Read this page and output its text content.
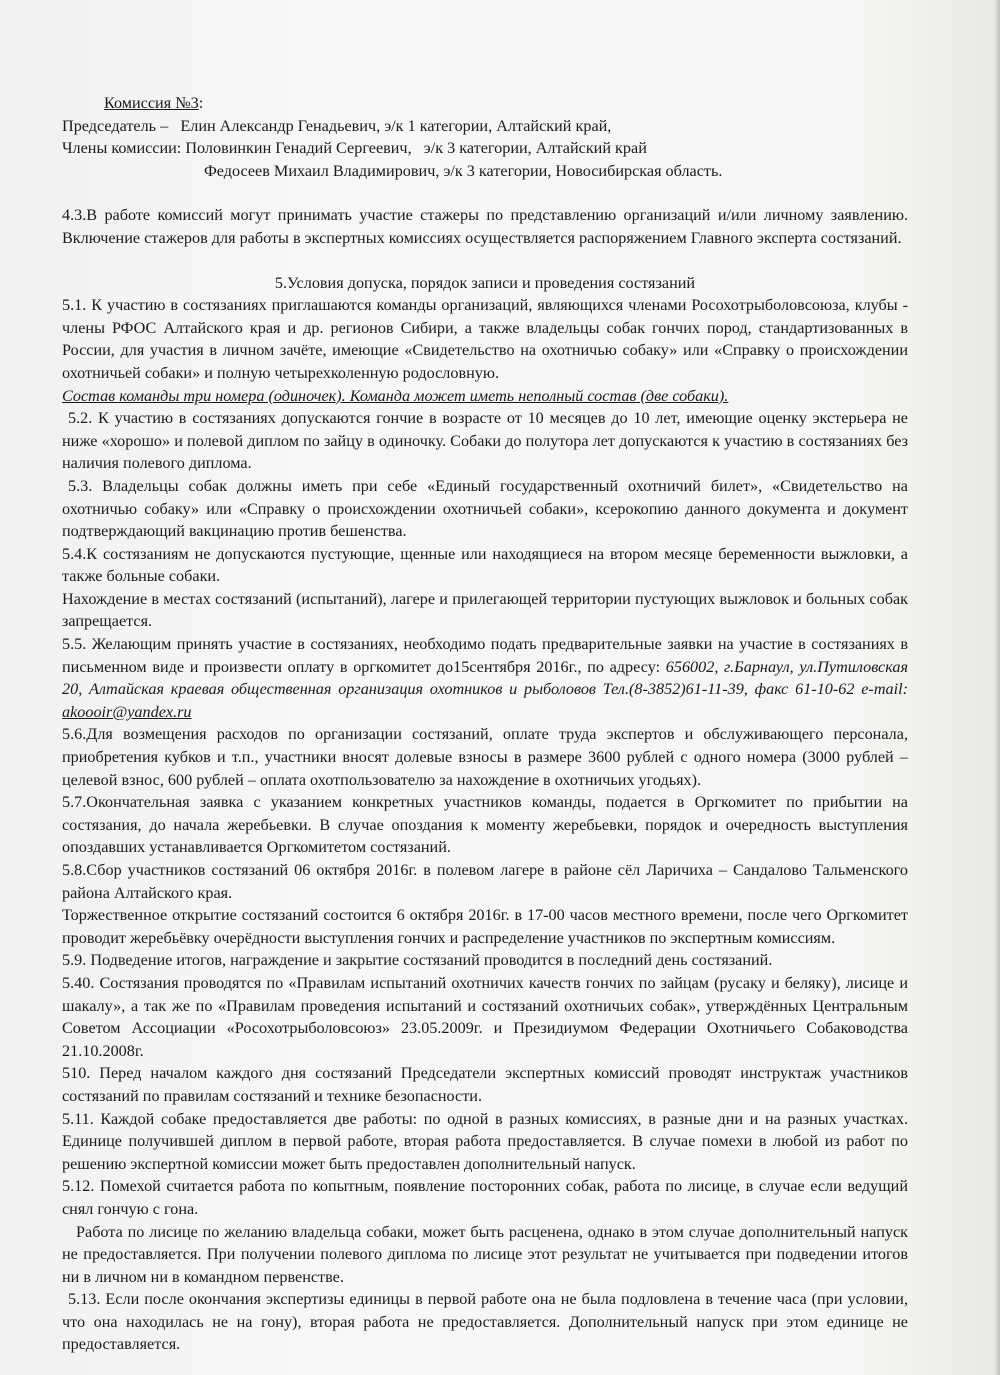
Комиссия №3:

Председатель –   Елин Александр Генадьевич, э/к 1 категории, Алтайский край,

Члены комиссии: Половинкин Генадий Сергеевич,   э/к 3 категории, Алтайский край

Федосеев Михаил Владимирович, э/к 3 категории, Новосибирская область.

4.3.В работе комиссий могут принимать участие стажеры по представлению организаций и/или личному заявлению. Включение стажеров для работы в экспертных комиссиях осуществляется распоряжением Главного эксперта состязаний.

5.Условия допуска, порядок записи и проведения состязаний

5.1. К участию в состязаниях приглашаются команды организаций, являющихся членами Росохотрыболовсоюза, клубы - члены РФОС Алтайского края и др. регионов Сибири, а также владельцы собак гончих пород, стандартизованных в России, для участия в личном зачёте, имеющие «Свидетельство на охотничью собаку» или «Справку о происхождении охотничьей собаки» и полную четырехколенную родословную.

Состав команды три номера (одиночек). Команда может иметь неполный состав (две собаки).

5.2. К участию в состязаниях допускаются гончие в возрасте от 10 месяцев до 10 лет, имеющие оценку экстерьера не ниже «хорошо» и полевой диплом по зайцу в одиночку. Собаки до полутора лет допускаются к участию в состязаниях без наличия полевого диплома.

5.3. Владельцы собак должны иметь при себе «Единый государственный охотничий билет», «Свидетельство на охотничью собаку» или «Справку о происхождении охотничьей собаки», ксерокопию данного документа и документ подтверждающий вакцинацию против бешенства.

5.4.К состязаниям не допускаются пустующие, щенные или находящиеся на втором месяце беременности выжловки, а также больные собаки.

Нахождение в местах состязаний (испытаний), лагере и прилегающей территории пустующих выжловок и больных собак запрещается.

5.5. Желающим принять участие в состязаниях, необходимо подать предварительные заявки на участие в состязаниях в письменном виде и произвести оплату в оргкомитет до15сентября 2016г., по адресу: 656002, г.Барнаул, ул.Путиловская 20, Алтайская краевая общественная организация охотников и рыболовов Тел.(8-3852)61-11-39, факс 61-10-62 e-mail: akoooir@yandex.ru

5.6.Для возмещения расходов по организации состязаний, оплате труда экспертов и обслуживающего персонала, приобретения кубков и т.п., участники вносят долевые взносы в размере 3600 рублей с одного номера (3000 рублей – целевой взнос, 600 рублей – оплата охотпользователю за нахождение в охотничьих угодьях).

5.7.Окончательная заявка с указанием конкретных участников команды, подается в Оргкомитет по прибытии на состязания, до начала жеребьевки. В случае опоздания к моменту жеребьевки, порядок и очередность выступления опоздавших устанавливается Оргкомитетом состязаний.

5.8.Сбор участников состязаний 06 октября 2016г. в полевом лагере в районе сёл Ларичиха – Сандалово Тальменского района Алтайского края.

Торжественное открытие состязаний состоится 6 октября 2016г. в 17-00 часов местного времени, после чего Оргкомитет проводит жеребьёвку очерёдности выступления гончих и распределение участников по экспертным комиссиям.

5.9. Подведение итогов, награждение и закрытие состязаний проводится в последний день состязаний.

5.40. Состязания проводятся по «Правилам испытаний охотничих качеств гончих по зайцам (русаку и беляку), лисице и шакалу», а так же по «Правилам проведения испытаний и состязаний охотничьих собак», утверждённых Центральным Советом Ассоциации «Росохотрыболовсоюз» 23.05.2009г. и Президиумом Федерации Охотничьего Собаководства 21.10.2008г.

510. Перед началом каждого дня состязаний Председатели экспертных комиссий проводят инструктаж участников состязаний по правилам состязаний и технике безопасности.

5.11. Каждой собаке предоставляется две работы: по одной в разных комиссиях, в разные дни и на разных участках. Единице получившей диплом в первой работе, вторая работа предоставляется. В случае помехи в любой из работ по решению экспертной комиссии может быть предоставлен дополнительный напуск.

5.12. Помехой считается работа по копытным, появление посторонних собак, работа по лисице, в случае если ведущий снял гончую с гона.

Работа по лисице по желанию владельца собаки, может быть расценена, однако в этом случае дополнительный напуск не предоставляется. При получении полевого диплома по лисице этот результат не учитывается при подведении итогов ни в личном ни в командном первенстве.

5.13. Если после окончания экспертизы единицы в первой работе она не была подловлена в течение часа (при условии, что она находилась не на гону), вторая работа не предоставляется. Дополнительный напуск при этом единице не предоставляется.
